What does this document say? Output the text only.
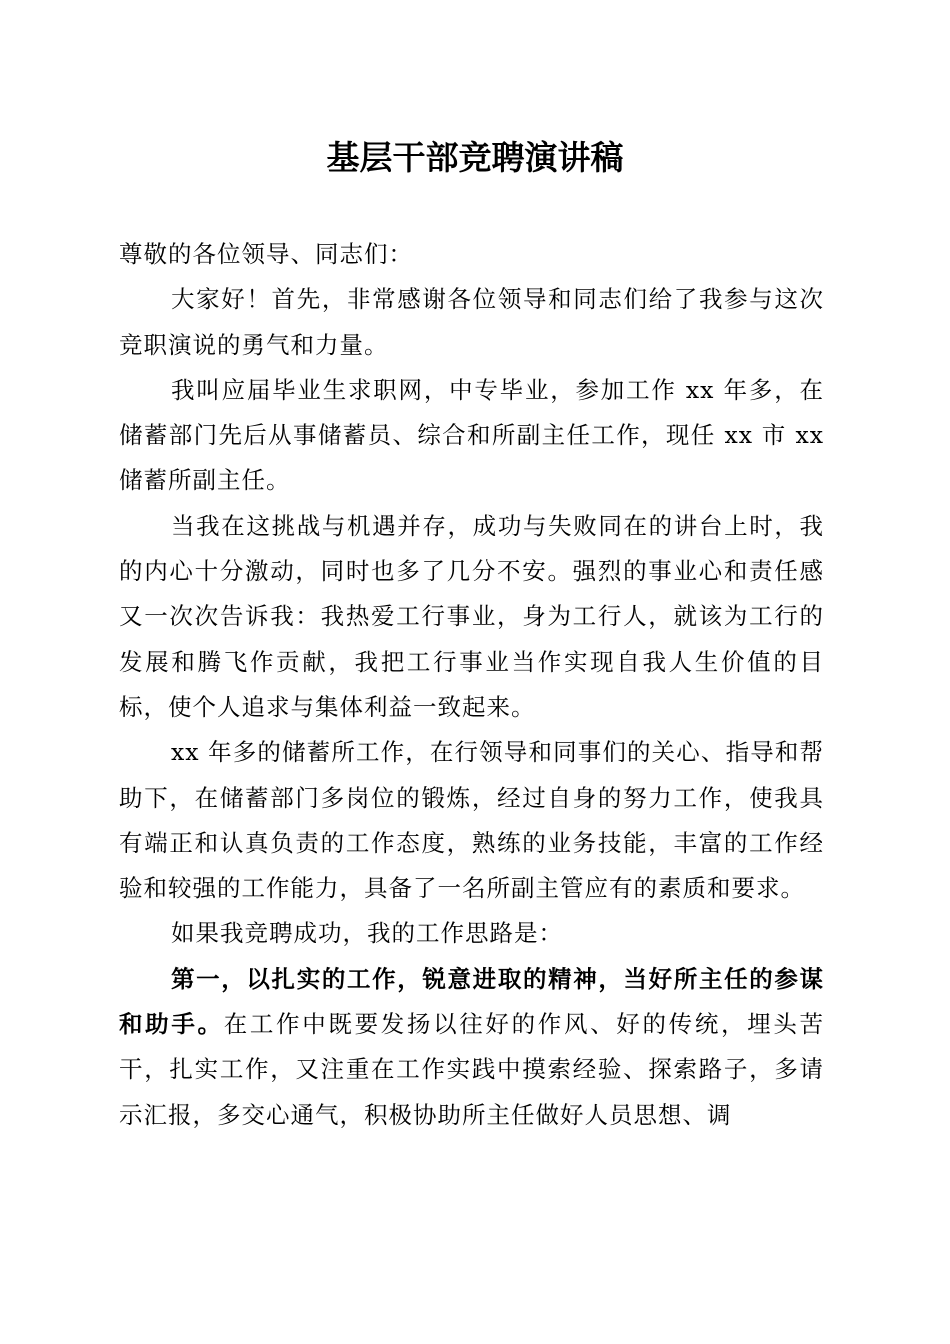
基层干部竞聘演讲稿

尊敬的各位领导、同志们：

大家好！首先，非常感谢各位领导和同志们给了我参与这次竞职演说的勇气和力量。

我叫应届毕业生求职网，中专毕业，参加工作 xx 年多，在储蓄部门先后从事储蓄员、综合和所副主任工作，现任 xx 市 xx 储蓄所副主任。

当我在这挑战与机遇并存，成功与失败同在的讲台上时，我的内心十分激动，同时也多了几分不安。强烈的事业心和责任感又一次次告诉我：我热爱工行事业，身为工行人，就该为工行的发展和腾飞作贡献，我把工行事业当作实现自我人生价值的目标，使个人追求与集体利益一致起来。

xx 年多的储蓄所工作，在行领导和同事们的关心、指导和帮助下，在储蓄部门多岗位的锻炼，经过自身的努力工作，使我具有端正和认真负责的工作态度，熟练的业务技能，丰富的工作经验和较强的工作能力，具备了一名所副主管应有的素质和要求。

如果我竞聘成功，我的工作思路是：

第一，以扎实的工作，锐意进取的精神，当好所主任的参谋和助手。在工作中既要发扬以往好的作风、好的传统，埋头苦干，扎实工作，又注重在工作实践中摸索经验、探索路子，多请示汇报，多交心通气，积极协助所主任做好人员思想、调
